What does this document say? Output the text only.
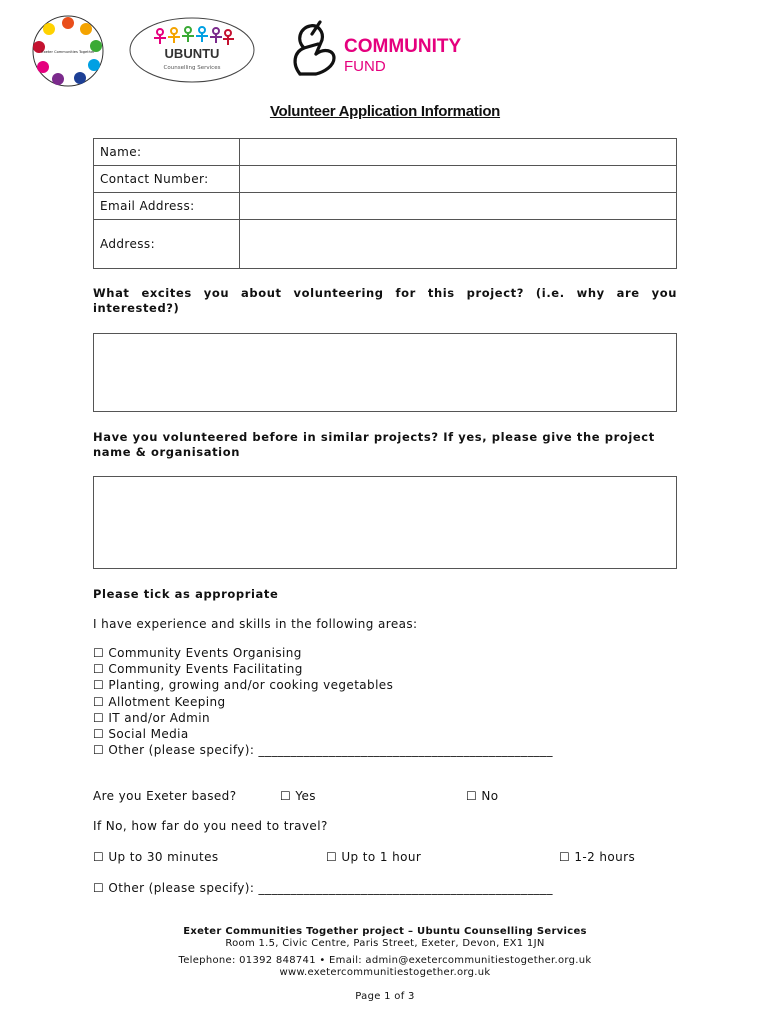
Exeter Communities Together	UBUNTU
Counselling Services
COMMUNITY
FUND
Volunteer Application Information
Name:	
Contact Number:	
Email Address:	
Address:	
What excites you about volunteering for this project? (i.e. why are you interested?)
Have you volunteered before in similar projects? If yes, please give the project name & organisation
Please tick as appropriate
I have experience and skills in the following areas:
☐ Community Events Organising
☐ Community Events Facilitating
☐ Planting, growing and/or cooking vegetables
☐ Allotment Keeping
☐ IT and/or Admin
☐ Social Media
☐ Other (please specify): ______________________________________________
Are you Exeter based?	☐ Yes	☐ No
If No, how far do you need to travel?
☐ Up to 30 minutes	☐ Up to 1 hour	☐ 1-2 hours
☐ Other (please specify): ______________________________________________
Exeter Communities Together project – Ubuntu Counselling Services
Room 1.5, Civic Centre, Paris Street, Exeter, Devon, EX1 1JN
Telephone: 01392 848741 • Email: admin@exetercommunitiestogether.org.uk
www.exetercommunitiestogether.org.uk
Page 1 of 3
